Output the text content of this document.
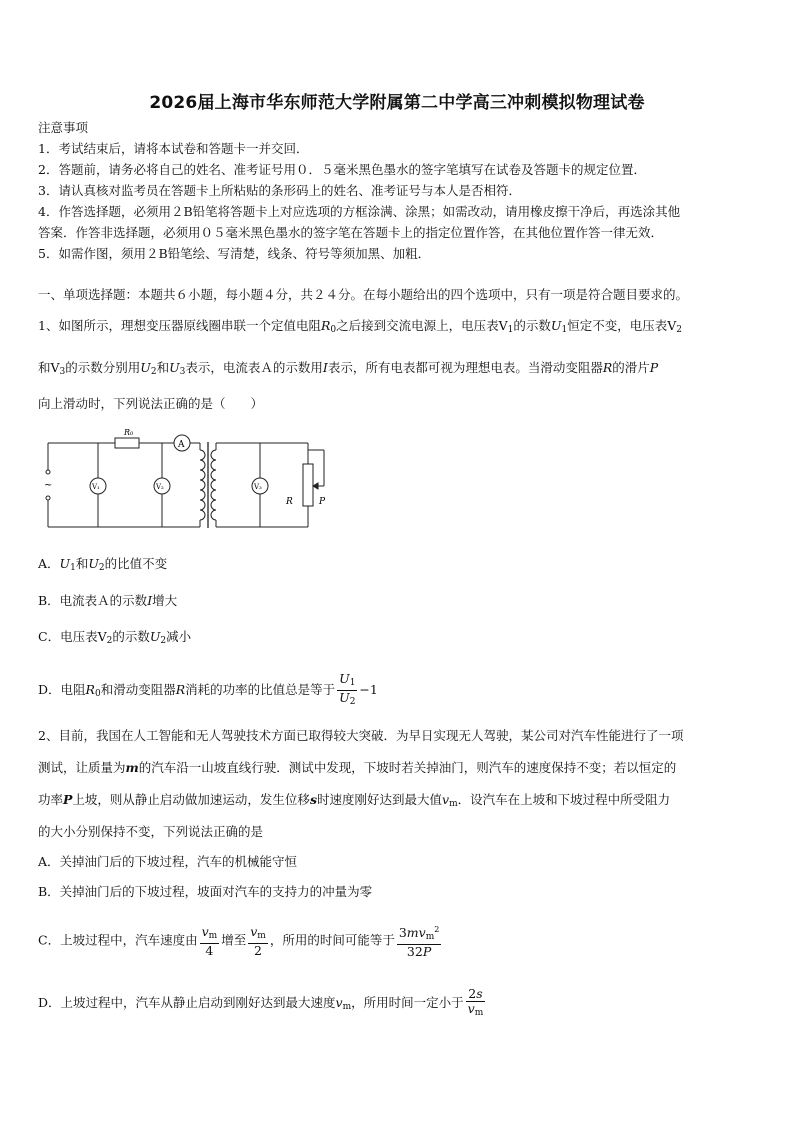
2026届上海市华东师范大学附属第二中学高三冲刺模拟物理试卷
注意事项
1．考试结束后，请将本试卷和答题卡一并交回．
2．答题前，请务必将自己的姓名、准考证号用０．５毫米黑色墨水的签字笔填写在试卷及答题卡的规定位置．
3．请认真核对监考员在答题卡上所粘贴的条形码上的姓名、准考证号与本人是否相符．
4．作答选择题，必须用２B铅笔将答题卡上对应选项的方框涂满、涂黑；如需改动，请用橡皮擦干净后，再选涂其他
答案．作答非选择题，必须用０５毫米黑色墨水的签字笔在答题卡上的指定位置作答，在其他位置作答一律无效．
5．如需作图，须用２B铅笔绘、写清楚，线条、符号等须加黑、加粗．
一、单项选择题：本题共６小题，每小题４分，共２４分。在每小题给出的四个选项中，只有一项是符合题目要求的。
1、如图所示，理想变压器原线圈串联一个定值电阻$R_0$之后接到交流电源上，电压表$V_1$的示数$U_1$恒定不变，电压表$V_2$
和$V_3$的示数分别用$U_2$和$U_3$表示，电流表Ａ的示数用I表示，所有电表都可视为理想电表。当滑动变阻器R的滑片P
向上滑动时，下列说法正确的是（　　）
R₀
A
V₁	V₂	V₃
~
R	P
A．$U_1$和$U_2$的比值不变
B．电流表Ａ的示数I增大
C．电压表$V_2$的示数$U_2$减小
D．电阻$R_0$和滑动变阻器R消耗的功率的比值总是等于 $\frac{U_1}{U_2} -1$
2、目前，我国在人工智能和无人驾驶技术方面已取得较大突破．为早日实现无人驾驶，某公司对汽车性能进行了一项
测试，让质量为m的汽车沿一山坡直线行驶．测试中发现，下坡时若关掉油门，则汽车的速度保持不变；若以恒定的
功率P上坡，则从静止启动做加速运动，发生位移s时速度刚好达到最大值$v_m$．设汽车在上坡和下坡过程中所受阻力
的大小分别保持不变，下列说法正确的是
A．关掉油门后的下坡过程，汽车的机械能守恒
B．关掉油门后的下坡过程，坡面对汽车的支持力的冲量为零
C．上坡过程中，汽车速度由 $\frac{v_m}{4}$ 增至 $\frac{v_m}{2}$ ，所用的时间可能等于 $\frac{3mv_m^2}{32P}$
D．上坡过程中，汽车从静止启动到刚好达到最大速度$v_m$，所用时间一定小于 $\frac{2s}{v_m}$
